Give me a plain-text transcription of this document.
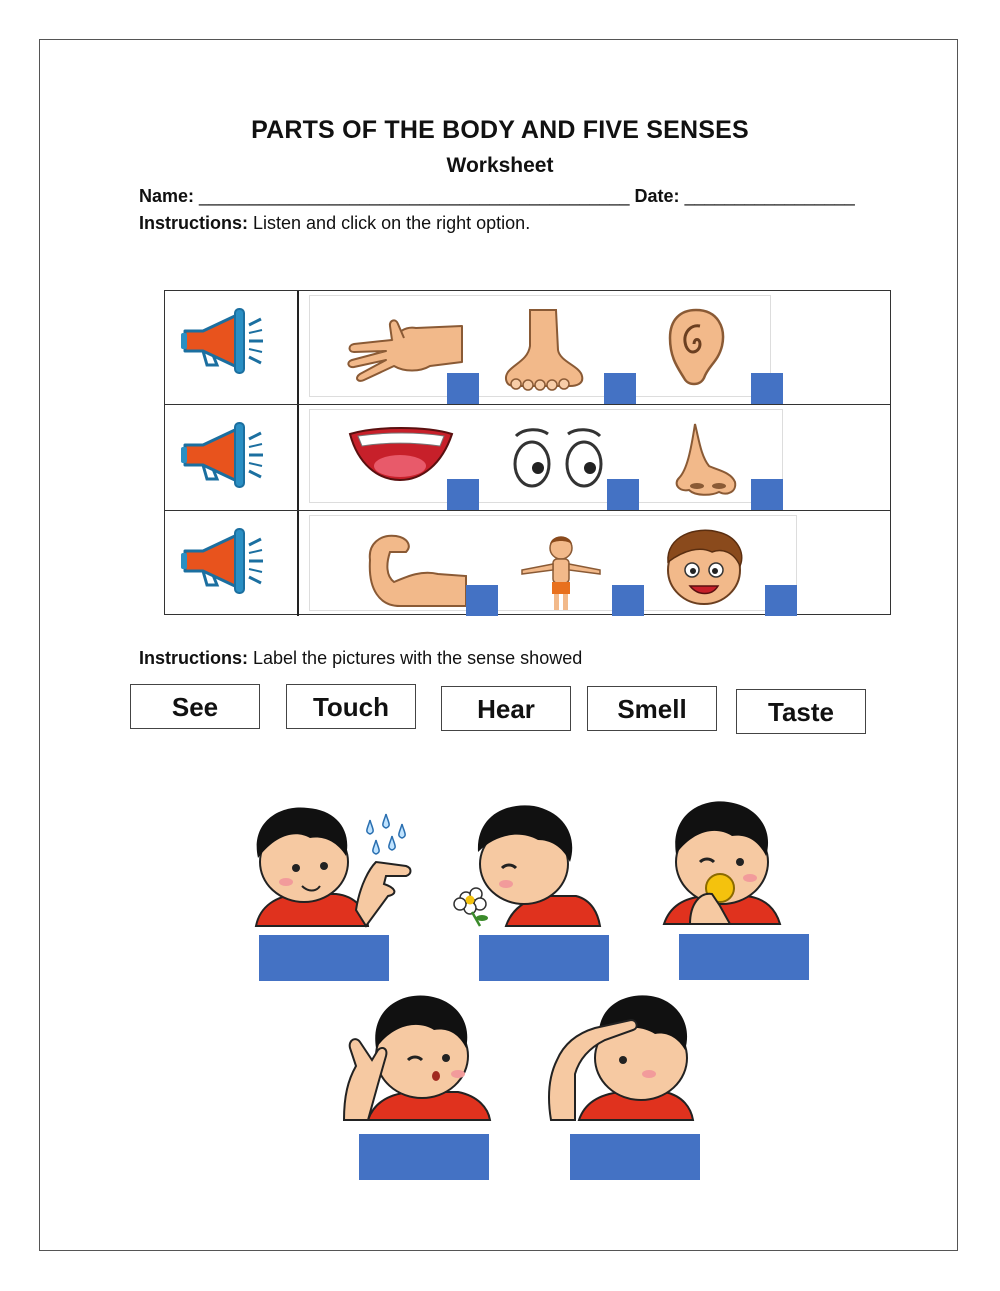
PARTS OF THE BODY AND FIVE SENSES
Worksheet
Name: ___________________________________________ Date: _________________
Instructions: Listen and click on the right option.
Instructions: Label the pictures with the sense showed
See	Touch	Hear	Smell	Taste
